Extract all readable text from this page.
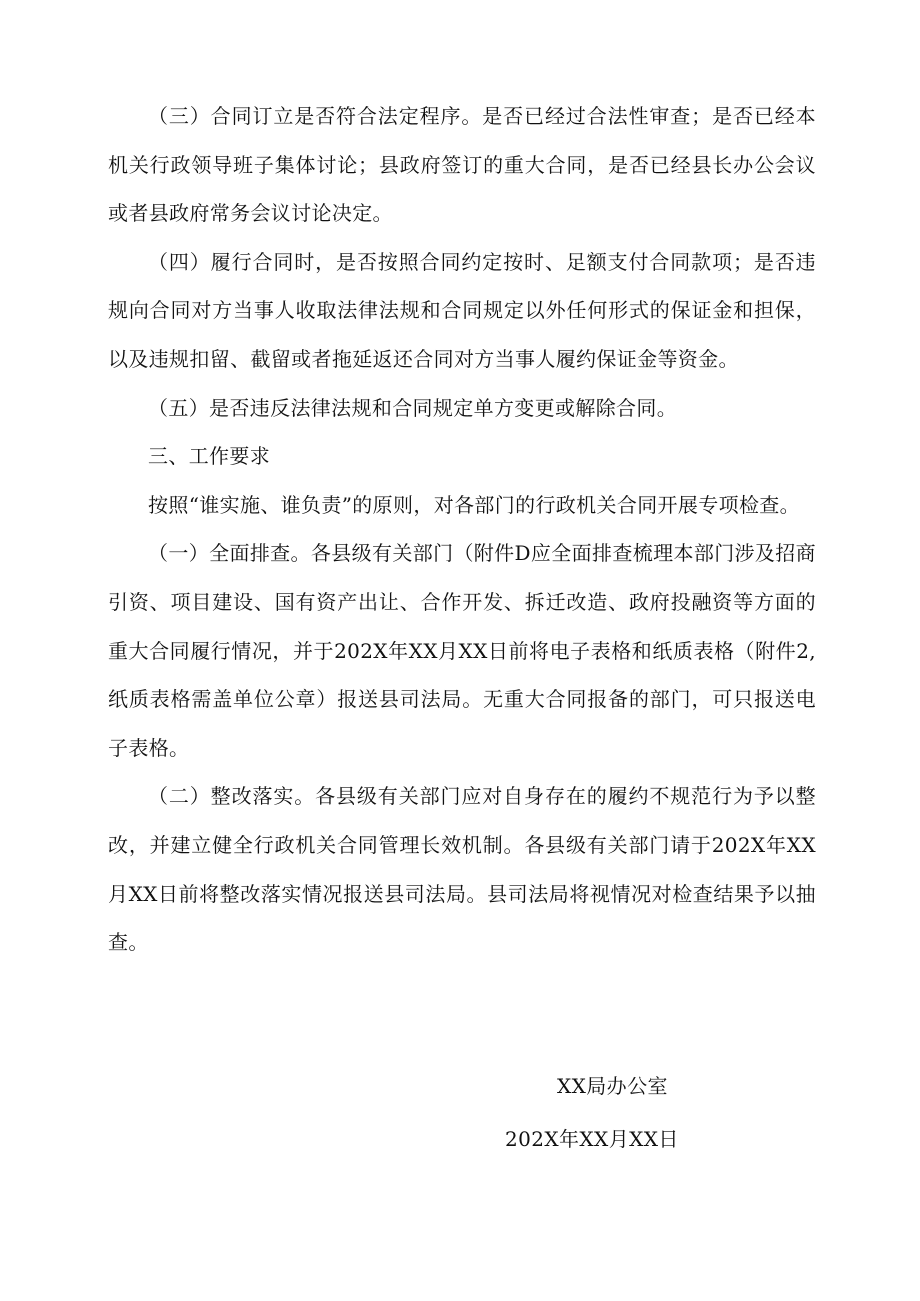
（三）合同订立是否符合法定程序。是否已经过合法性审查；是否已经本机关行政领导班子集体讨论；县政府签订的重大合同，是否已经县长办公会议或者县政府常务会议讨论决定。

（四）履行合同时，是否按照合同约定按时、足额支付合同款项；是否违规向合同对方当事人收取法律法规和合同规定以外任何形式的保证金和担保，以及违规扣留、截留或者拖延返还合同对方当事人履约保证金等资金。

（五）是否违反法律法规和合同规定单方变更或解除合同。

三、工作要求

按照“谁实施、谁负责”的原则，对各部门的行政机关合同开展专项检查。

（一）全面排查。各县级有关部门（附件D应全面排查梳理本部门涉及招商引资、项目建设、国有资产出让、合作开发、拆迁改造、政府投融资等方面的重大合同履行情况，并于202X年XX月XX日前将电子表格和纸质表格（附件2,纸质表格需盖单位公章）报送县司法局。无重大合同报备的部门，可只报送电子表格。

（二）整改落实。各县级有关部门应对自身存在的履约不规范行为予以整改，并建立健全行政机关合同管理长效机制。各县级有关部门请于202X年XX月XX日前将整改落实情况报送县司法局。县司法局将视情况对检查结果予以抽查。

XX局办公室
202X年XX月XX日
